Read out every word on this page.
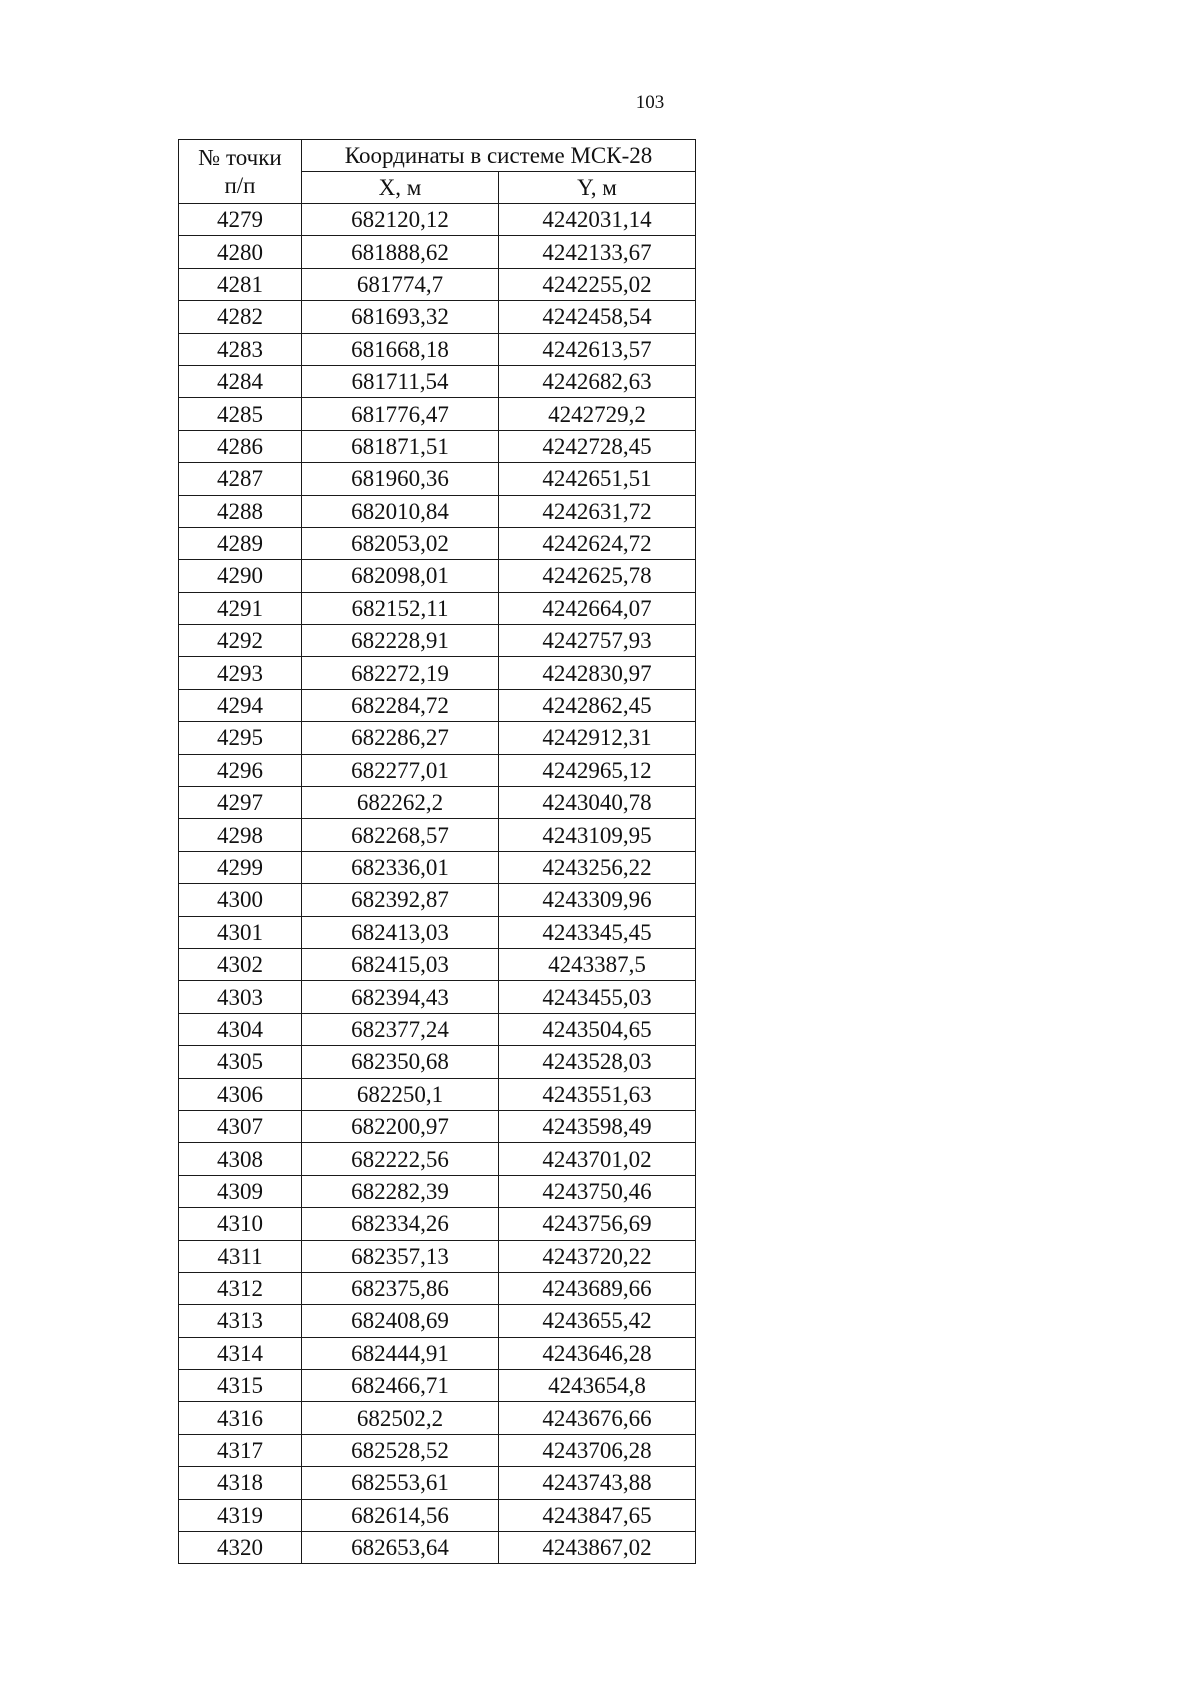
103
№ точки
п/п	Координаты в системе МСК-28	
	X, м	Y, м
4279	682120,12	4242031,14
4280	681888,62	4242133,67
4281	681774,7	4242255,02
4282	681693,32	4242458,54
4283	681668,18	4242613,57
4284	681711,54	4242682,63
4285	681776,47	4242729,2
4286	681871,51	4242728,45
4287	681960,36	4242651,51
4288	682010,84	4242631,72
4289	682053,02	4242624,72
4290	682098,01	4242625,78
4291	682152,11	4242664,07
4292	682228,91	4242757,93
4293	682272,19	4242830,97
4294	682284,72	4242862,45
4295	682286,27	4242912,31
4296	682277,01	4242965,12
4297	682262,2	4243040,78
4298	682268,57	4243109,95
4299	682336,01	4243256,22
4300	682392,87	4243309,96
4301	682413,03	4243345,45
4302	682415,03	4243387,5
4303	682394,43	4243455,03
4304	682377,24	4243504,65
4305	682350,68	4243528,03
4306	682250,1	4243551,63
4307	682200,97	4243598,49
4308	682222,56	4243701,02
4309	682282,39	4243750,46
4310	682334,26	4243756,69
4311	682357,13	4243720,22
4312	682375,86	4243689,66
4313	682408,69	4243655,42
4314	682444,91	4243646,28
4315	682466,71	4243654,8
4316	682502,2	4243676,66
4317	682528,52	4243706,28
4318	682553,61	4243743,88
4319	682614,56	4243847,65
4320	682653,64	4243867,02
